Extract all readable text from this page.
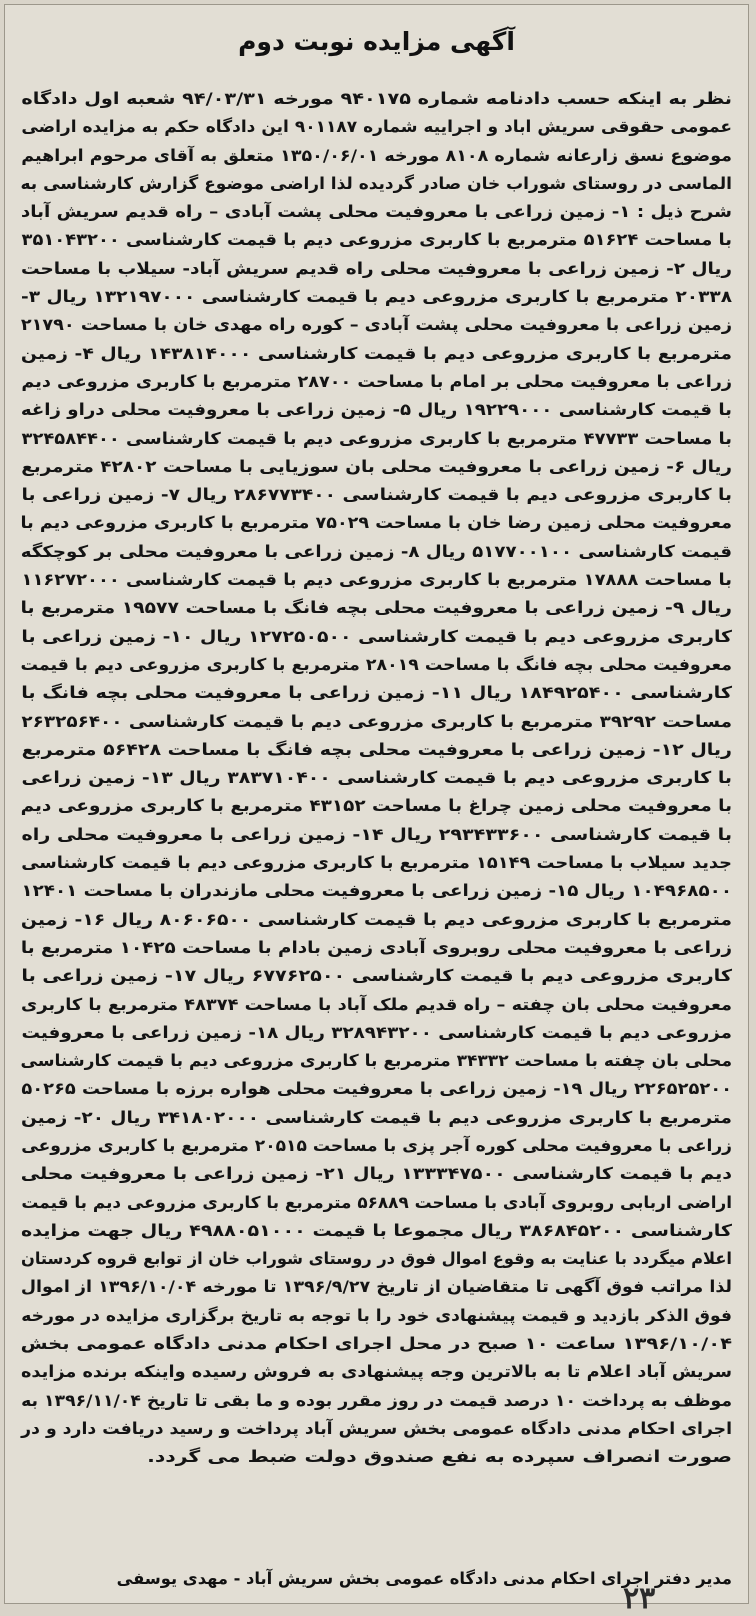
آگهی مزایده نوبت دوم
نظر به اینکه حسب دادنامه شماره ۹۴۰۱۷۵ مورخه ۹۴/۰۳/۳۱ شعبه اول دادگاه
عمومی حقوقی سریش اباد و اجراییه شماره ۹۰۱۱۸۷ این دادگاه حکم به مزایده اراضی
موضوع نسق زارعانه شماره ۸۱۰۸ مورخه ۱۳۵۰/۰۶/۰۱ متعلق به آقای مرحوم ابراهیم
الماسی در روستای شوراب خان صادر گردیده لذا اراضی موضوع گزارش کارشناسی به
شرح ذیل : ۱- زمین زراعی با معروفیت محلی پشت آبادی – راه قدیم سریش آباد
با مساحت ۵۱۶۲۴ مترمربع با کاربری مزروعی دیم با قیمت کارشناسی ۳۵۱۰۴۳۲۰۰
ریال ۲- زمین زراعی با معروفیت محلی راه قدیم سریش آباد- سیلاب با مساحت
۲۰۳۳۸ مترمربع با کاربری مزروعی دیم با قیمت کارشناسی ۱۳۲۱۹۷۰۰۰ ریال ۳-
زمین زراعی با معروفیت محلی پشت آبادی – کوره راه مهدی خان با مساحت ۲۱۷۹۰
مترمربع با کاربری مزروعی دیم با قیمت کارشناسی ۱۴۳۸۱۴۰۰۰ ریال ۴- زمین
زراعی با معروفیت محلی بر امام با مساحت ۲۸۷۰۰ مترمربع با کاربری مزروعی دیم
با قیمت کارشناسی ۱۹۲۲۹۰۰۰ ریال ۵- زمین زراعی با معروفیت محلی دراو زاغه
با مساحت ۴۷۷۳۳ مترمربع با کاربری مزروعی دیم با قیمت کارشناسی ۳۲۴۵۸۴۴۰۰
ریال ۶- زمین زراعی با معروفیت محلی بان سوزیایی با مساحت ۴۲۸۰۲ مترمربع
با کاربری مزروعی دیم با قیمت کارشناسی ۲۸۶۷۷۳۴۰۰ ریال ۷- زمین زراعی با
معروفیت محلی زمین رضا خان با مساحت ۷۵۰۲۹ مترمربع با کاربری مزروعی دیم با
قیمت کارشناسی ۵۱۷۷۰۰۱۰۰ ریال ۸- زمین زراعی با معروفیت محلی بر کوچکگه
با مساحت ۱۷۸۸۸ مترمربع با کاربری مزروعی دیم با قیمت کارشناسی ۱۱۶۲۷۲۰۰۰
ریال ۹- زمین زراعی با معروفیت محلی بچه فانگ با مساحت ۱۹۵۷۷ مترمربع با
کاربری مزروعی دیم با قیمت کارشناسی ۱۲۷۲۵۰۵۰۰ ریال ۱۰- زمین زراعی با
معروفیت محلی بچه فانگ با مساحت ۲۸۰۱۹ مترمربع با کاربری مزروعی دیم با قیمت
کارشناسی ۱۸۴۹۲۵۴۰۰ ریال ۱۱- زمین زراعی با معروفیت محلی بچه فانگ با
مساحت ۳۹۲۹۲ مترمربع با کاربری مزروعی دیم با قیمت کارشناسی ۲۶۳۲۵۶۴۰۰
ریال ۱۲- زمین زراعی با معروفیت محلی بچه فانگ با مساحت ۵۶۴۲۸ مترمربع
با کاربری مزروعی دیم با قیمت کارشناسی ۳۸۳۷۱۰۴۰۰ ریال ۱۳- زمین زراعی
با معروفیت محلی زمین چراغ با مساحت ۴۳۱۵۲ مترمربع با کاربری مزروعی دیم
با قیمت کارشناسی ۲۹۳۴۳۳۶۰۰ ریال ۱۴- زمین زراعی با معروفیت محلی راه
جدید سیلاب با مساحت ۱۵۱۴۹ مترمربع با کاربری مزروعی دیم با قیمت کارشناسی
۱۰۴۹۶۸۵۰۰ ریال ۱۵- زمین زراعی با معروفیت محلی مازندران با مساحت ۱۲۴۰۱
مترمربع با کاربری مزروعی دیم با قیمت کارشناسی ۸۰۶۰۶۵۰۰ ریال ۱۶- زمین
زراعی با معروفیت محلی روبروی آبادی زمین بادام با مساحت ۱۰۴۲۵ مترمربع با
کاربری مزروعی دیم با قیمت کارشناسی ۶۷۷۶۲۵۰۰ ریال ۱۷- زمین زراعی با
معروفیت محلی بان چفته – راه قدیم ملک آباد با مساحت ۴۸۳۷۴ مترمربع با کاربری
مزروعی دیم با قیمت کارشناسی ۳۲۸۹۴۳۲۰۰ ریال ۱۸- زمین زراعی با معروفیت
محلی بان چفته با مساحت ۳۴۳۳۲ مترمربع با کاربری مزروعی دیم با قیمت کارشناسی
۲۲۶۵۲۵۲۰۰ ریال ۱۹- زمین زراعی با معروفیت محلی هواره برزه با مساحت ۵۰۲۶۵
مترمربع با کاربری مزروعی دیم با قیمت کارشناسی ۳۴۱۸۰۲۰۰۰ ریال ۲۰- زمین
زراعی با معروفیت محلی کوره آجر پزی با مساحت ۲۰۵۱۵ مترمربع با کاربری مزروعی
دیم با قیمت کارشناسی ۱۳۳۳۴۷۵۰۰ ریال ۲۱- زمین زراعی با معروفیت محلی
اراضی اربابی روبروی آبادی با مساحت ۵۶۸۸۹ مترمربع با کاربری مزروعی دیم با قیمت
کارشناسی ۳۸۶۸۴۵۲۰۰ ریال مجموعا با قیمت ۴۹۸۸۰۵۱۰۰۰ ریال جهت مزایده
اعلام میگردد با عنایت به وقوع اموال فوق در روستای شوراب خان از توابع قروه کردستان
لذا مراتب فوق آگهی تا متقاضیان از تاریخ ۱۳۹۶/۹/۲۷ تا مورخه ۱۳۹۶/۱۰/۰۴ از اموال
فوق الذکر بازدید و قیمت پیشنهادی خود را با توجه به تاریخ برگزاری مزایده در مورخه
۱۳۹۶/۱۰/۰۴ ساعت ۱۰ صبح در محل اجرای احکام مدنی دادگاه عمومی بخش
سریش آباد اعلام تا به بالاترین وجه پیشنهادی به فروش رسیده واینکه برنده مزایده
موظف به پرداخت ۱۰ درصد قیمت در روز مقرر بوده و ما بقی تا تاریخ ۱۳۹۶/۱۱/۰۴ به
اجرای احکام مدنی دادگاه عمومی بخش سریش آباد پرداخت و رسید دریافت دارد و در
صورت انصراف سپرده به نفع صندوق دولت ضبط می گردد.
مدیر دفتر اجرای احکام مدنی دادگاه عمومی بخش سریش آباد - مهدی یوسفی
۲۳
